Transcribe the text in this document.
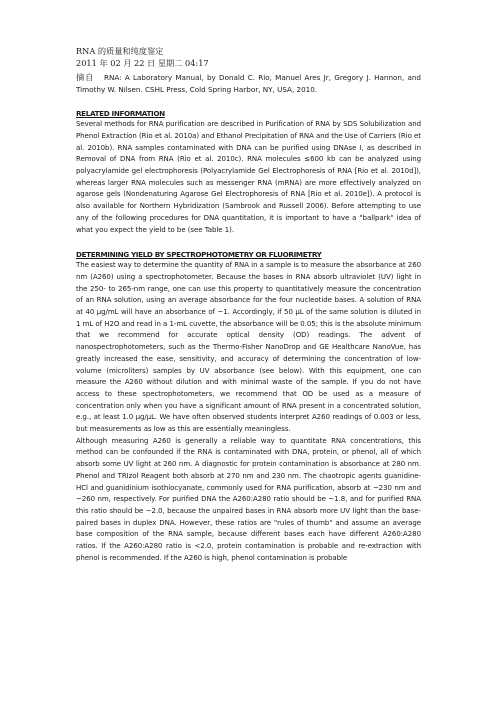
RNA 的质量和纯度鉴定
2011 年 02 月 22 日 星期二 04:17
摘自 RNA: A Laboratory Manual, by Donald C. Rio, Manuel Ares Jr, Gregory J. Hannon, and Timothy W. Nilsen. CSHL Press, Cold Spring Harbor, NY, USA, 2010.
RELATED INFORMATION

Several methods for RNA purification are described in Purification of RNA by SDS Solubilization and Phenol Extraction (Rio et al. 2010a) and Ethanol Precipitation of RNA and the Use of Carriers (Rio et al. 2010b). RNA samples contaminated with DNA can be purified using DNAse I, as described in Removal of DNA from RNA (Rio et al. 2010c). RNA molecules ≤600 kb can be analyzed using polyacrylamide gel electrophoresis (Polyacrylamide Gel Electrophoresis of RNA [Rio et al. 2010d]), whereas larger RNA molecules such as messenger RNA (mRNA) are more effectively analyzed on agarose gels (Nondenaturing Agarose Gel Electrophoresis of RNA [Rio et al. 2010e]). A protocol is also available for Northern Hybridization (Sambrook and Russell 2006). Before attempting to use any of the following procedures for DNA quantitation, it is important to have a "ballpark" idea of what you expect the yield to be (see Table 1).

DETERMINING YIELD BY SPECTROPHOTOMETRY OR FLUORIMETRY

The easiest way to determine the quantity of RNA in a sample is to measure the absorbance at 260 nm (A260) using a spectrophotometer. Because the bases in RNA absorb ultraviolet (UV) light in the 250- to 265-nm range, one can use this property to quantitatively measure the concentration of an RNA solution, using an average absorbance for the four nucleotide bases. A solution of RNA at 40 μg/mL will have an absorbance of ~1. Accordingly, if 50 μL of the same solution is diluted in 1 mL of H2O and read in a 1-mL cuvette, the absorbance will be 0.05; this is the absolute minimum that we recommend for accurate optical density (OD) readings. The advent of nanospectrophotometers, such as the Thermo-Fisher NanoDrop and GE Healthcare NanoVue, has greatly increased the ease, sensitivity, and accuracy of determining the concentration of low-volume (microliters) samples by UV absorbance (see below). With this equipment, one can measure the A260 without dilution and with minimal waste of the sample. If you do not have access to these spectrophotometers, we recommend that OD be used as a measure of concentration only when you have a significant amount of RNA present in a concentrated solution, e.g., at least 1.0 μg/μL. We have often observed students interpret A260 readings of 0.003 or less, but measurements as low as this are essentially meaningless.

Although measuring A260 is generally a reliable way to quantitate RNA concentrations, this method can be confounded if the RNA is contaminated with DNA, protein, or phenol, all of which absorb some UV light at 260 nm. A diagnostic for protein contamination is absorbance at 280 nm. Phenol and TRIzol Reagent both absorb at 270 nm and 230 nm. The chaotropic agents guanidine-HCl and guanidinium isothiocyanate, commonly used for RNA purification, absorb at ~230 nm and ~260 nm, respectively. For purified DNA the A260:A280 ratio should be ~1.8, and for purified RNA this ratio should be ~2.0, because the unpaired bases in RNA absorb more UV light than the base-paired bases in duplex DNA. However, these ratios are "rules of thumb" and assume an average base composition of the RNA sample, because different bases each have different A260:A280 ratios. If the A260:A280 ratio is <2.0, protein contamination is probable and re-extraction with phenol is recommended. If the A260 is high, phenol contamination is probable
